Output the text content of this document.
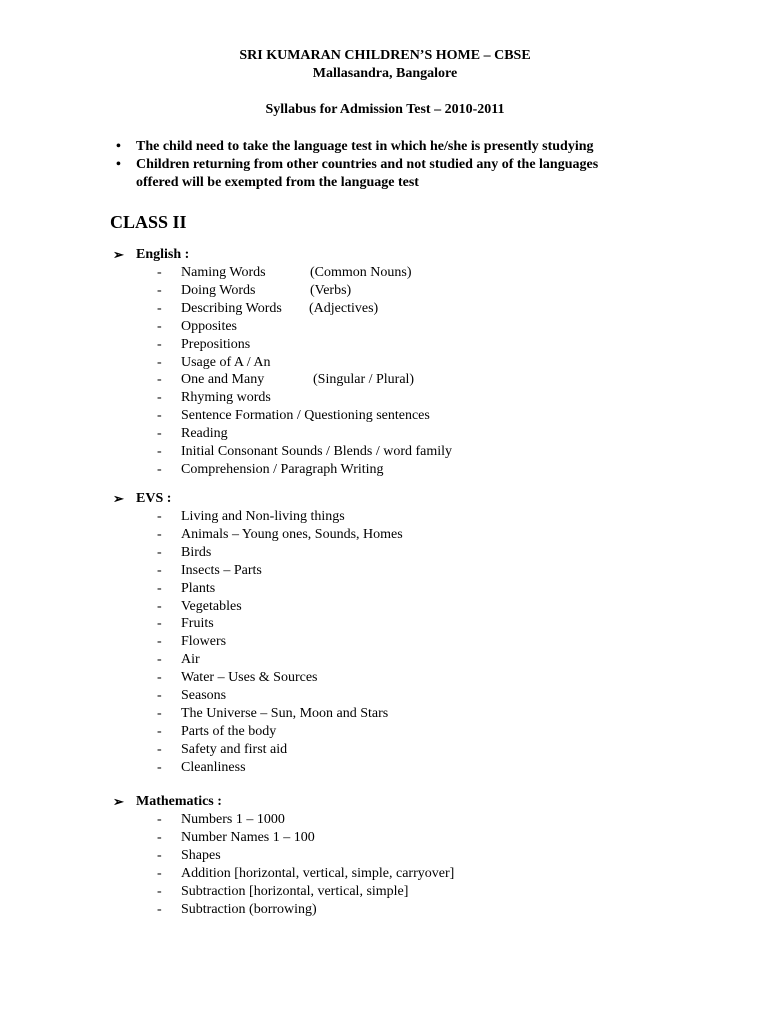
SRI KUMARAN CHILDREN’S HOME – CBSE
Mallasandra, Bangalore
Syllabus for Admission Test – 2010-2011
• The child need to take the language test in which he/she is presently studying
• Children returning from other countries and not studied any of the languages
offered will be exempted from the language test
CLASS II
➢ English :
- Naming Words	(Common Nouns)
- Doing Words	(Verbs)
- Describing Words (Adjectives)
- Opposites
- Prepositions
- Usage of A / An
- One and Many	(Singular / Plural)
- Rhyming words
- Sentence Formation / Questioning sentences
- Reading
- Initial Consonant Sounds / Blends / word family
- Comprehension / Paragraph Writing
➢ EVS :
- Living and Non-living things
- Animals – Young ones, Sounds, Homes
- Birds
- Insects – Parts
- Plants
- Vegetables
- Fruits
- Flowers
- Air
- Water – Uses & Sources
- Seasons
- The Universe – Sun, Moon and Stars
- Parts of the body
- Safety and first aid
- Cleanliness
➢ Mathematics :
- Numbers 1 – 1000
- Number Names 1 – 100
- Shapes
- Addition [horizontal, vertical, simple, carryover]
- Subtraction [horizontal, vertical, simple]
- Subtraction (borrowing)
